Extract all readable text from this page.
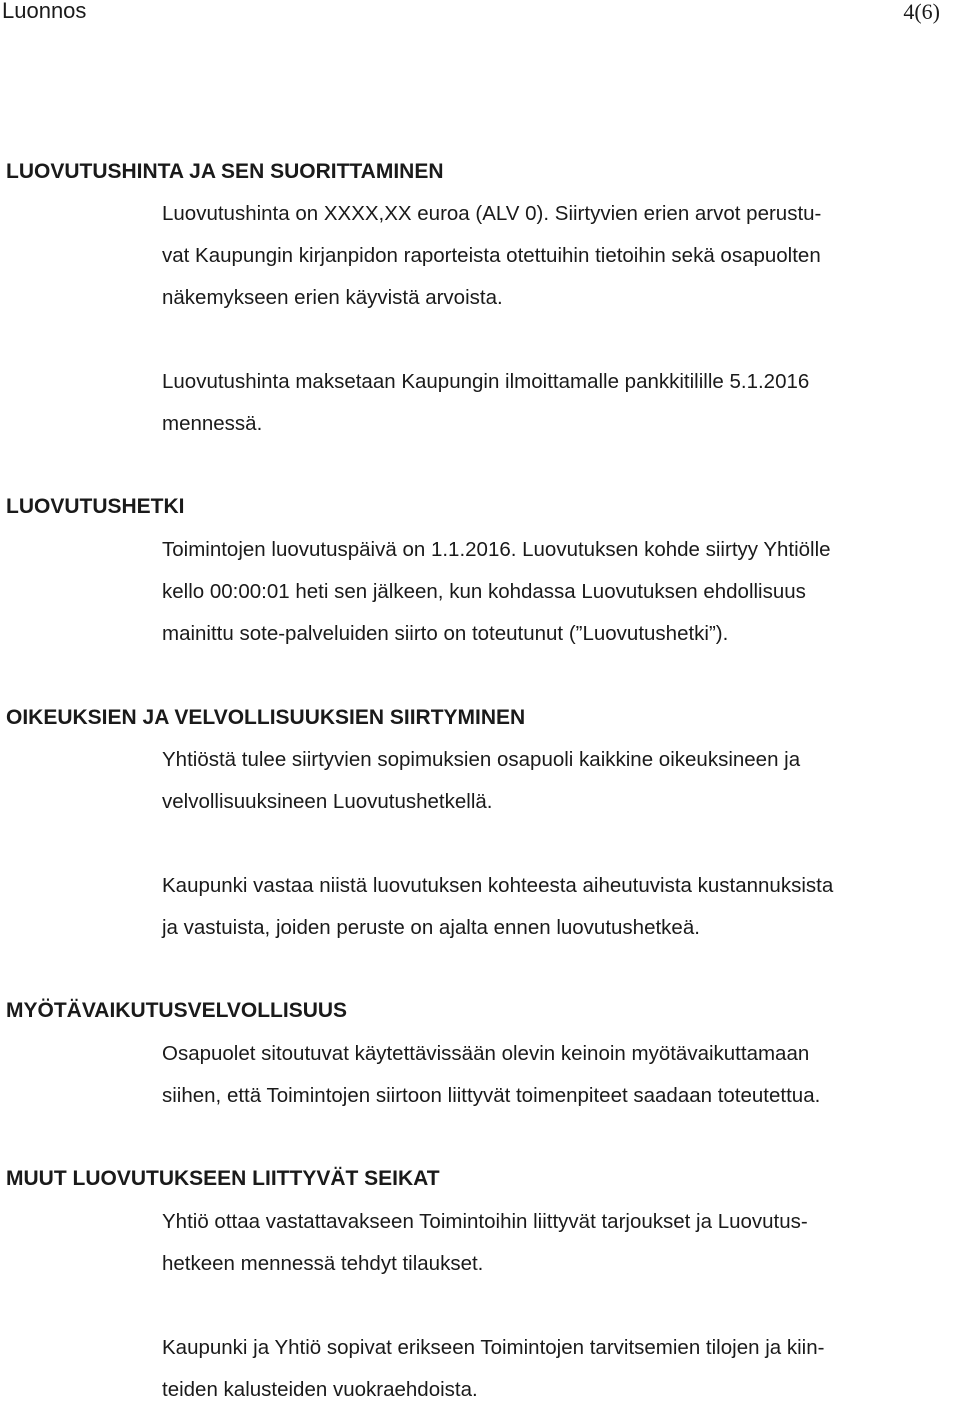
Luonnos	4(6)
LUOVUTUSHINTA JA SEN SUORITTAMINEN
Luovutushinta on XXXX,XX euroa (ALV 0). Siirtyvien erien arvot perustu-
vat Kaupungin kirjanpidon raporteista otettuihin tietoihin sekä osapuolten
näkemykseen erien käyvistä arvoista.
Luovutushinta maksetaan Kaupungin ilmoittamalle pankkitilille 5.1.2016
mennessä.
LUOVUTUSHETKI
Toimintojen luovutuspäivä on 1.1.2016. Luovutuksen kohde siirtyy Yhtiölle
kello 00:00:01 heti sen jälkeen, kun kohdassa Luovutuksen ehdollisuus
mainittu sote-palveluiden siirto on toteutunut (”Luovutushetki”).
OIKEUKSIEN JA VELVOLLISUUKSIEN SIIRTYMINEN
Yhtiöstä tulee siirtyvien sopimuksien osapuoli kaikkine oikeuksineen ja
velvollisuuksineen Luovutushetkellä.
Kaupunki vastaa niistä luovutuksen kohteesta aiheutuvista kustannuksista
ja vastuista, joiden peruste on ajalta ennen luovutushetkeä.
MYÖTÄVAIKUTUSVELVOLLISUUS
Osapuolet sitoutuvat käytettävissään olevin keinoin myötävaikuttamaan
siihen, että Toimintojen siirtoon liittyvät toimenpiteet saadaan toteutettua.
MUUT LUOVUTUKSEEN LIITTYVÄT SEIKAT
Yhtiö ottaa vastattavakseen Toimintoihin liittyvät tarjoukset ja Luovutus-
hetkeen mennessä tehdyt tilaukset.
Kaupunki ja Yhtiö sopivat erikseen Toimintojen tarvitsemien tilojen ja kiin-
teiden kalusteiden vuokraehdoista.
